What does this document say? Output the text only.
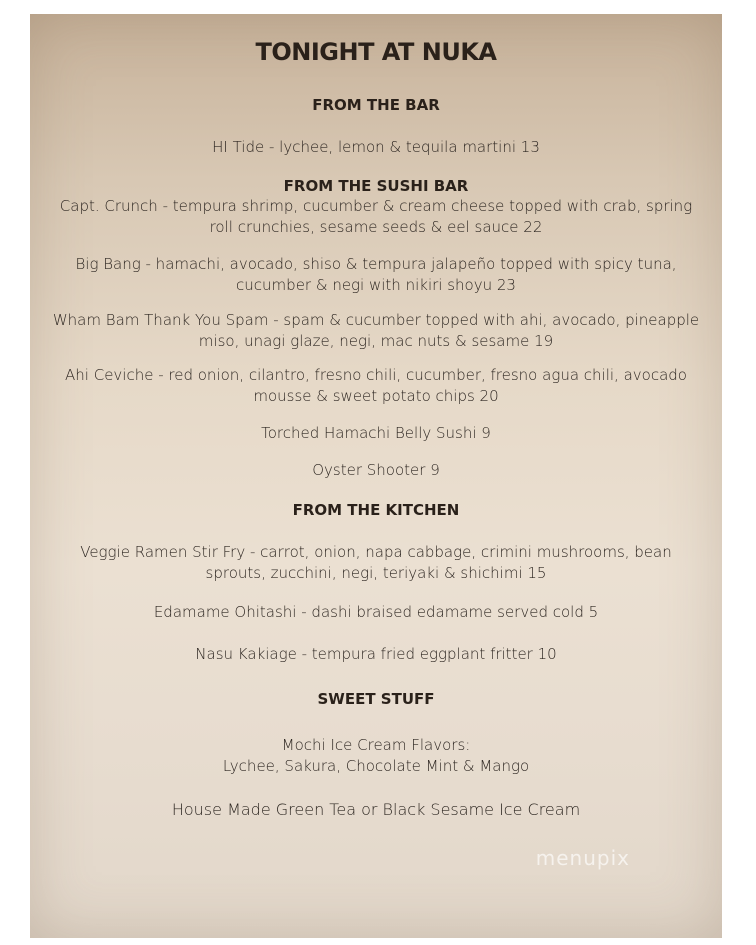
TONIGHT AT NUKA
FROM THE BAR
HI Tide - lychee, lemon & tequila martini 13
FROM THE SUSHI BAR
Capt. Crunch - tempura shrimp, cucumber & cream cheese topped with crab, spring roll crunchies, sesame seeds & eel sauce 22
Big Bang - hamachi, avocado, shiso & tempura jalapeño topped with spicy tuna, cucumber & negi with nikiri shoyu 23
Wham Bam Thank You Spam - spam & cucumber topped with ahi, avocado, pineapple miso, unagi glaze, negi, mac nuts & sesame 19
Ahi Ceviche - red onion, cilantro, fresno chili, cucumber, fresno agua chili, avocado mousse & sweet potato chips 20
Torched Hamachi Belly Sushi 9
Oyster Shooter 9
FROM THE KITCHEN
Veggie Ramen Stir Fry - carrot, onion, napa cabbage, crimini mushrooms, bean sprouts, zucchini, negi, teriyaki & shichimi 15
Edamame Ohitashi - dashi braised edamame served cold 5
Nasu Kakiage - tempura fried eggplant fritter 10
SWEET STUFF
Mochi Ice Cream Flavors:
Lychee, Sakura, Chocolate Mint & Mango
House Made Green Tea or Black Sesame Ice Cream
menupix
